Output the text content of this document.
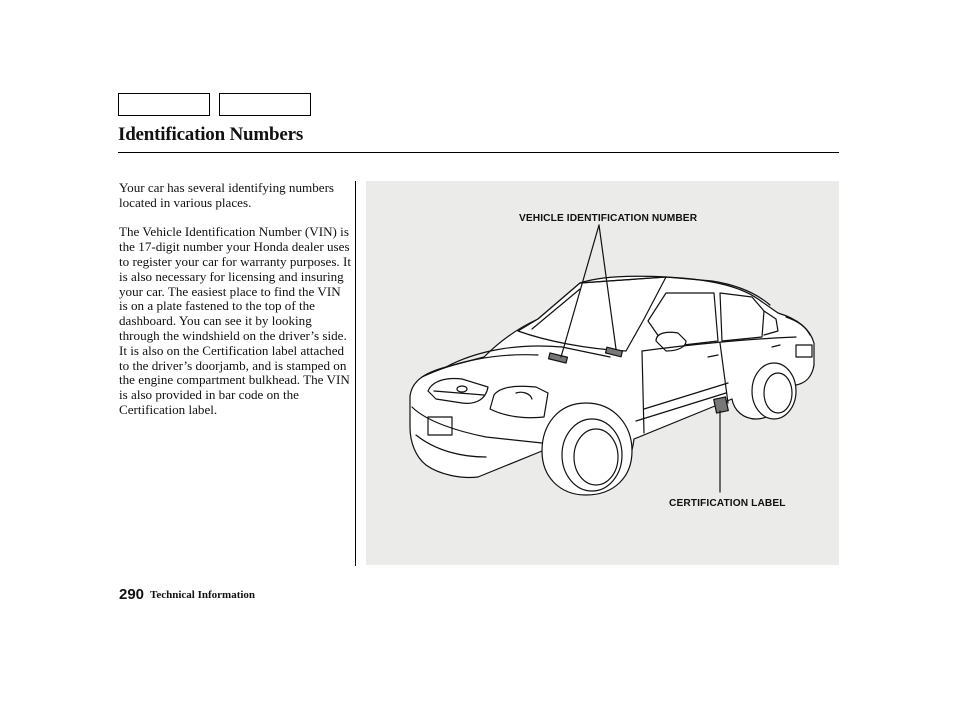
Identification Numbers

Your car has several identifying numbers located in various places.

The Vehicle Identification Number (VIN) is the 17-digit number your Honda dealer uses to register your car for warranty purposes. It is also necessary for licensing and insuring your car. The easiest place to find the VIN is on a plate fastened to the top of the dashboard. You can see it by looking through the windshield on the driver’s side. It is also on the Certification label attached to the driver’s doorjamb, and is stamped on the engine compartment bulkhead. The VIN is also provided in bar code on the Certification label.

VEHICLE IDENTIFICATION NUMBER
CERTIFICATION LABEL
290 Technical Information
